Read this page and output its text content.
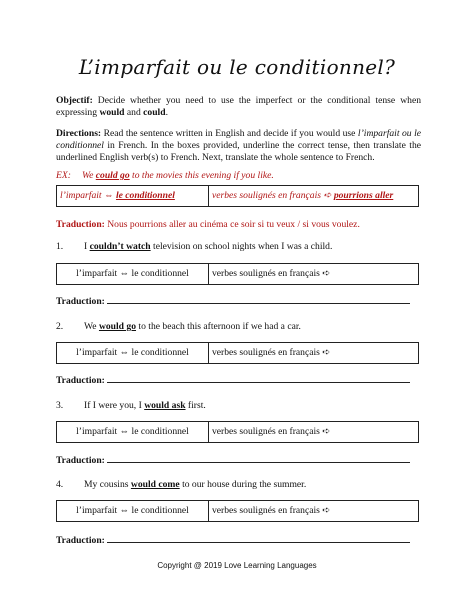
L’imparfait ou le conditionnel?
Objectif: Decide whether you need to use the imperfect or the conditional tense when expressing would and could.
Directions: Read the sentence written in English and decide if you would use l’imparfait ou le conditionnel in French. In the boxes provided, underline the correct tense, then translate the underlined English verb(s) to French. Next, translate the whole sentence to French.
EX: We could go to the movies this evening if you like.
l’imparfait ⇔ le conditionnel	verbes soulignés en français ➪ pourrions aller
Traduction: Nous pourrions aller au cinéma ce soir si tu veux / si vous voulez.
1. I couldn’t watch television on school nights when I was a child.
l’imparfait ⇔ le conditionnel	verbes soulignés en français ➪
Traduction:
2. We would go to the beach this afternoon if we had a car.
l’imparfait ⇔ le conditionnel	verbes soulignés en français ➪
Traduction:
3. If I were you, I would ask first.
l’imparfait ⇔ le conditionnel	verbes soulignés en français ➪
Traduction:
4. My cousins would come to our house during the summer.
l’imparfait ⇔ le conditionnel	verbes soulignés en français ➪
Traduction:
Copyright @ 2019 Love Learning Languages
